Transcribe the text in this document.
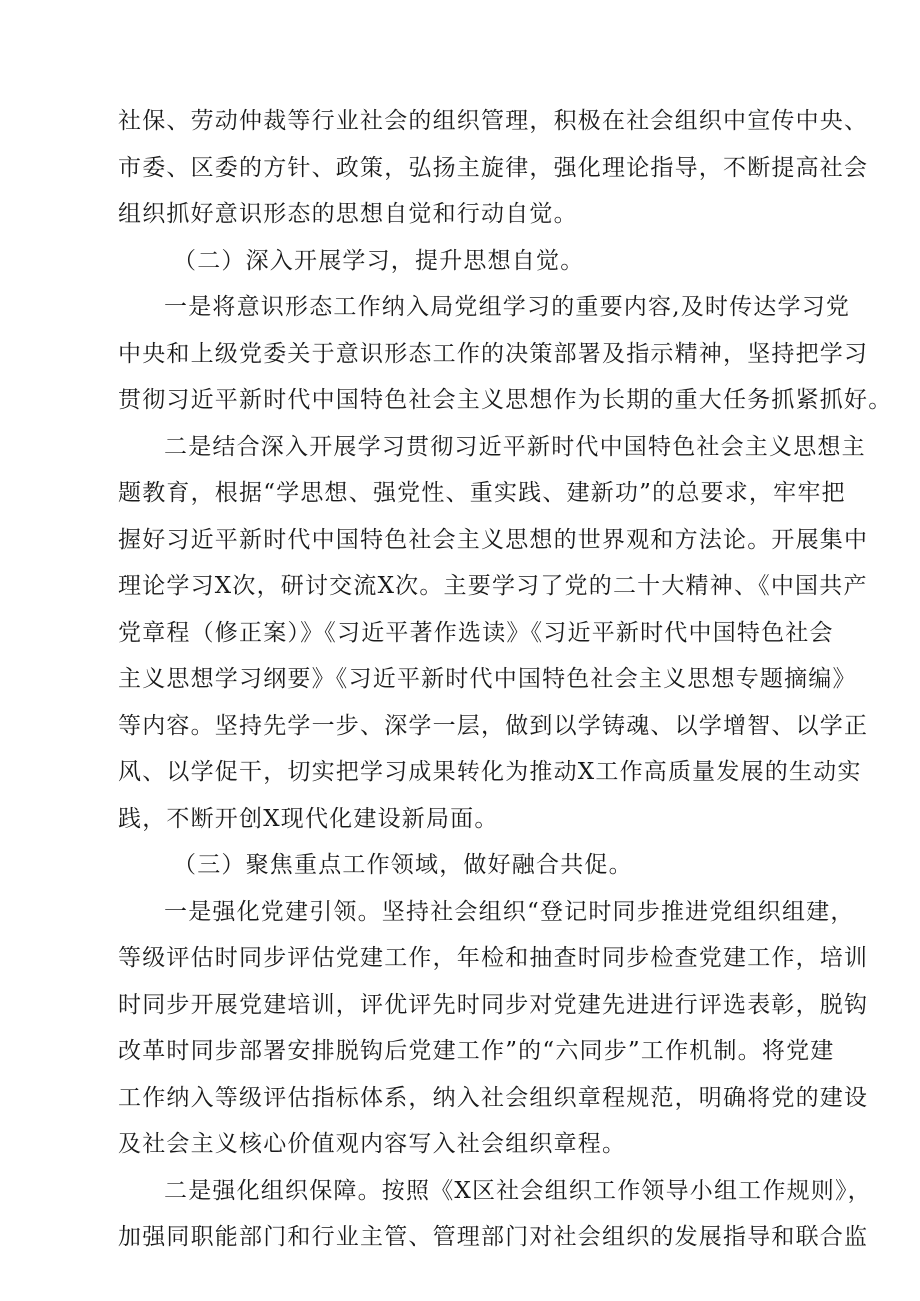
社保、劳动仲裁等行业社会的组织管理，积极在社会组织中宣传中央、
市委、区委的方针、政策，弘扬主旋律，强化理论指导，不断提高社会
组织抓好意识形态的思想自觉和行动自觉。
（二）深入开展学习，提升思想自觉。
一是将意识形态工作纳入局党组学习的重要内容,及时传达学习党
中央和上级党委关于意识形态工作的决策部署及指示精神，坚持把学习
贯彻习近平新时代中国特色社会主义思想作为长期的重大任务抓紧抓好。
二是结合深入开展学习贯彻习近平新时代中国特色社会主义思想主
题教育，根据“学思想、强党性、重实践、建新功”的总要求，牢牢把
握好习近平新时代中国特色社会主义思想的世界观和方法论。开展集中
理论学习X次，研讨交流X次。主要学习了党的二十大精神、《中国共产
党章程（修正案）》《习近平著作选读》《习近平新时代中国特色社会
主义思想学习纲要》《习近平新时代中国特色社会主义思想专题摘编》
等内容。坚持先学一步、深学一层，做到以学铸魂、以学增智、以学正
风、以学促干，切实把学习成果转化为推动X工作高质量发展的生动实
践，不断开创X现代化建设新局面。
（三）聚焦重点工作领域，做好融合共促。
一是强化党建引领。坚持社会组织“登记时同步推进党组织组建，
等级评估时同步评估党建工作，年检和抽查时同步检查党建工作，培训
时同步开展党建培训，评优评先时同步对党建先进进行评选表彰，脱钩
改革时同步部署安排脱钩后党建工作”的“六同步”工作机制。将党建
工作纳入等级评估指标体系，纳入社会组织章程规范，明确将党的建设
及社会主义核心价值观内容写入社会组织章程。
二是强化组织保障。按照《X区社会组织工作领导小组工作规则》，
加强同职能部门和行业主管、管理部门对社会组织的发展指导和联合监
